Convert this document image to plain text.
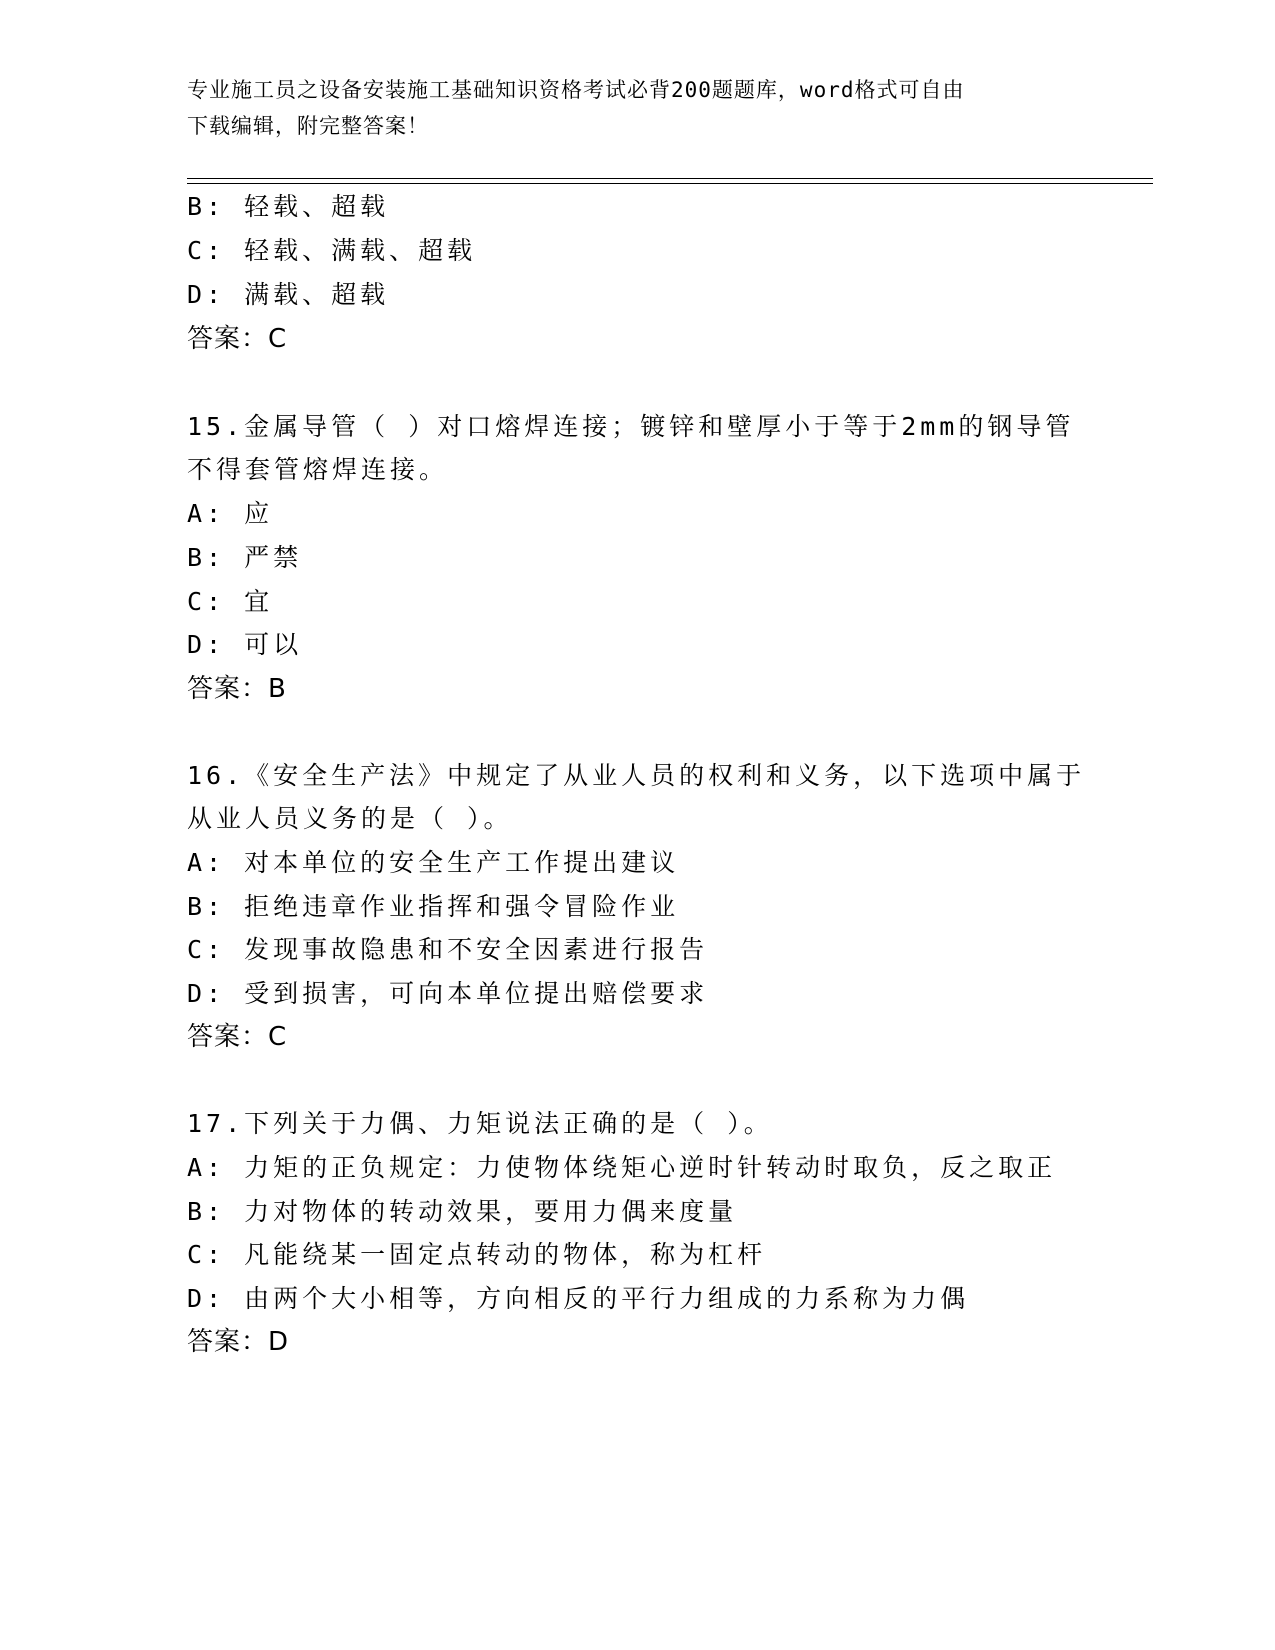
专业施工员之设备安装施工基础知识资格考试必背200题题库，word格式可自由
下载编辑，附完整答案！
B: 轻载、超载
C: 轻载、满载、超载
D: 满载、超载
答案：C
15.金属导管（ ）对口熔焊连接；镀锌和壁厚小于等于2mm的钢导管
不得套管熔焊连接。
A: 应
B: 严禁
C: 宜
D: 可以
答案：B
16.《安全生产法》中规定了从业人员的权利和义务，以下选项中属于
从业人员义务的是（ ）。
A: 对本单位的安全生产工作提出建议
B: 拒绝违章作业指挥和强令冒险作业
C: 发现事故隐患和不安全因素进行报告
D: 受到损害，可向本单位提出赔偿要求
答案：C
17.下列关于力偶、力矩说法正确的是（ ）。
A: 力矩的正负规定：力使物体绕矩心逆时针转动时取负，反之取正
B: 力对物体的转动效果，要用力偶来度量
C: 凡能绕某一固定点转动的物体，称为杠杆
D: 由两个大小相等，方向相反的平行力组成的力系称为力偶
答案：D
